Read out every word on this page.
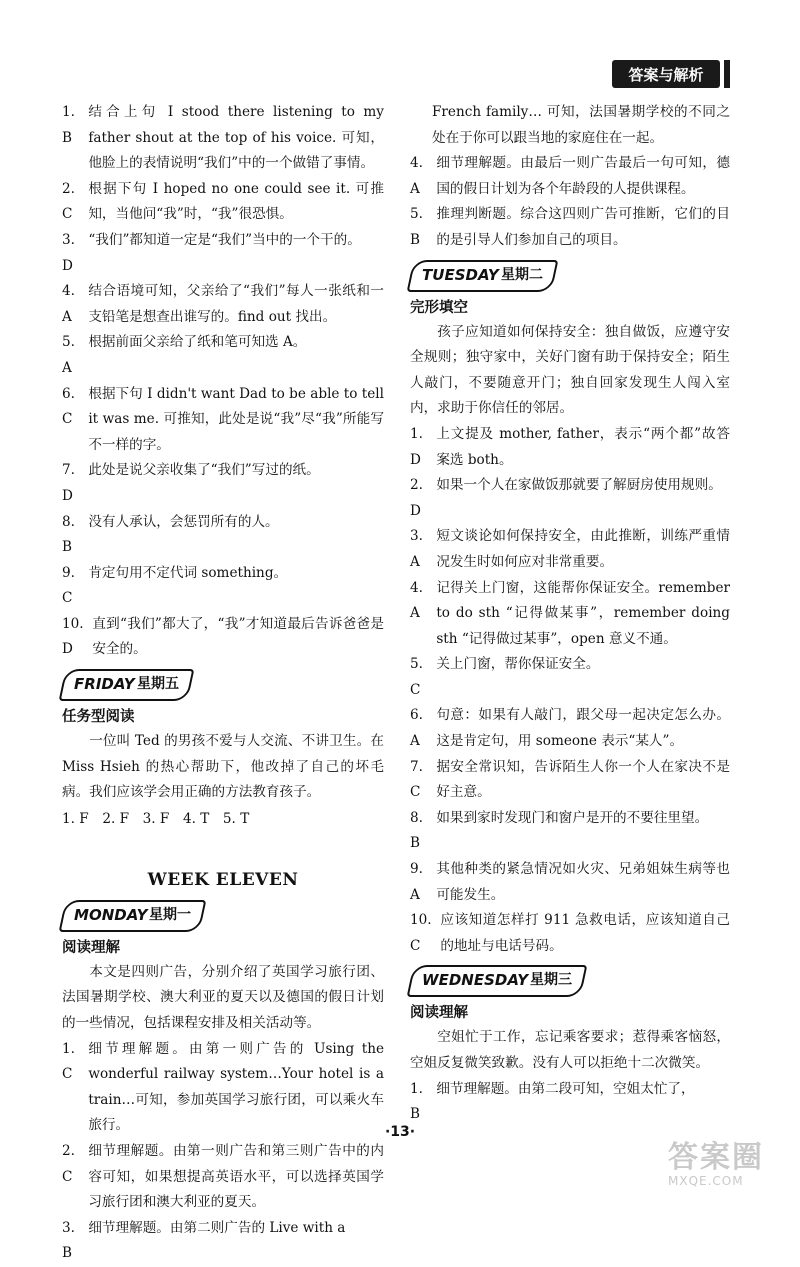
答案与解析
1. B

结合上句 I stood there listening to my father shout at the top of his voice. 可知，他脸上的表情说明“我们”中的一个做错了事情。
2. C

根据下句 I hoped no one could see it. 可推知，当他问“我”时，“我”很恐惧。
3. D

“我们”都知道一定是“我们”当中的一个干的。
4. A

结合语境可知，父亲给了“我们”每人一张纸和一支铅笔是想查出谁写的。find out 找出。
5. A

根据前面父亲给了纸和笔可知选 A。
6. C

根据下句 I didn't want Dad to be able to tell it was me. 可推知，此处是说“我”尽“我”所能写不一样的字。
7. D

此处是说父亲收集了“我们”写过的纸。
8. B

没有人承认，会惩罚所有的人。
9. C

肯定句用不定代词 something。
10. D

直到“我们”都大了，“我”才知道最后告诉爸爸是安全的。
FRIDAY 星期五
任务型阅读
一位叫 Ted 的男孩不爱与人交流、不讲卫生。在 Miss Hsieh 的热心帮助下，他改掉了自己的坏毛病。我们应该学会用正确的方法教育孩子。
1. F　2. F　3. F　4. T　5. T
WEEK ELEVEN
MONDAY 星期一
阅读理解
本文是四则广告，分别介绍了英国学习旅行团、法国暑期学校、澳大利亚的夏天以及德国的假日计划的一些情况，包括课程安排及相关活动等。
1. C

细节理解题。由第一则广告的 Using the wonderful railway system…Your hotel is a train…可知，参加英国学习旅行团，可以乘火车旅行。
2. C

细节理解题。由第一则广告和第三则广告中的内容可知，如果想提高英语水平，可以选择英国学习旅行团和澳大利亚的夏天。
3. B

细节理解题。由第二则广告的 Live with a
French family… 可知，法国暑期学校的不同之处在于你可以跟当地的家庭住在一起。
4. A

细节理解题。由最后一则广告最后一句可知，德国的假日计划为各个年龄段的人提供课程。
5. B

推理判断题。综合这四则广告可推断，它们的目的是引导人们参加自己的项目。
TUESDAY 星期二
完形填空
孩子应知道如何保持安全：独自做饭，应遵守安全规则；独守家中，关好门窗有助于保持安全；陌生人敲门，不要随意开门；独自回家发现生人闯入室内，求助于你信任的邻居。
1. D

上文提及 mother, father，表示“两个都”故答案选 both。
2. D

如果一个人在家做饭那就要了解厨房使用规则。
3. A

短文谈论如何保持安全，由此推断，训练严重情况发生时如何应对非常重要。
4. A

记得关上门窗，这能帮你保证安全。remember to do sth “记得做某事”，remember doing sth “记得做过某事”，open 意义不通。
5. C

关上门窗，帮你保证安全。
6. A

句意：如果有人敲门，跟父母一起决定怎么办。这是肯定句，用 someone 表示“某人”。
7. C

据安全常识知，告诉陌生人你一个人在家决不是好主意。
8. B

如果到家时发现门和窗户是开的不要往里望。
9. A

其他种类的紧急情况如火灾、兄弟姐妹生病等也可能发生。
10. C

应该知道怎样打 911 急救电话，应该知道自己的地址与电话号码。
WEDNESDAY 星期三
阅读理解
空姐忙于工作，忘记乘客要求；惹得乘客恼怒，空姐反复微笑致歉。没有人可以拒绝十二次微笑。
1. B

细节理解题。由第二段可知，空姐太忙了，
·13·
答案圈
MXQE.COM
